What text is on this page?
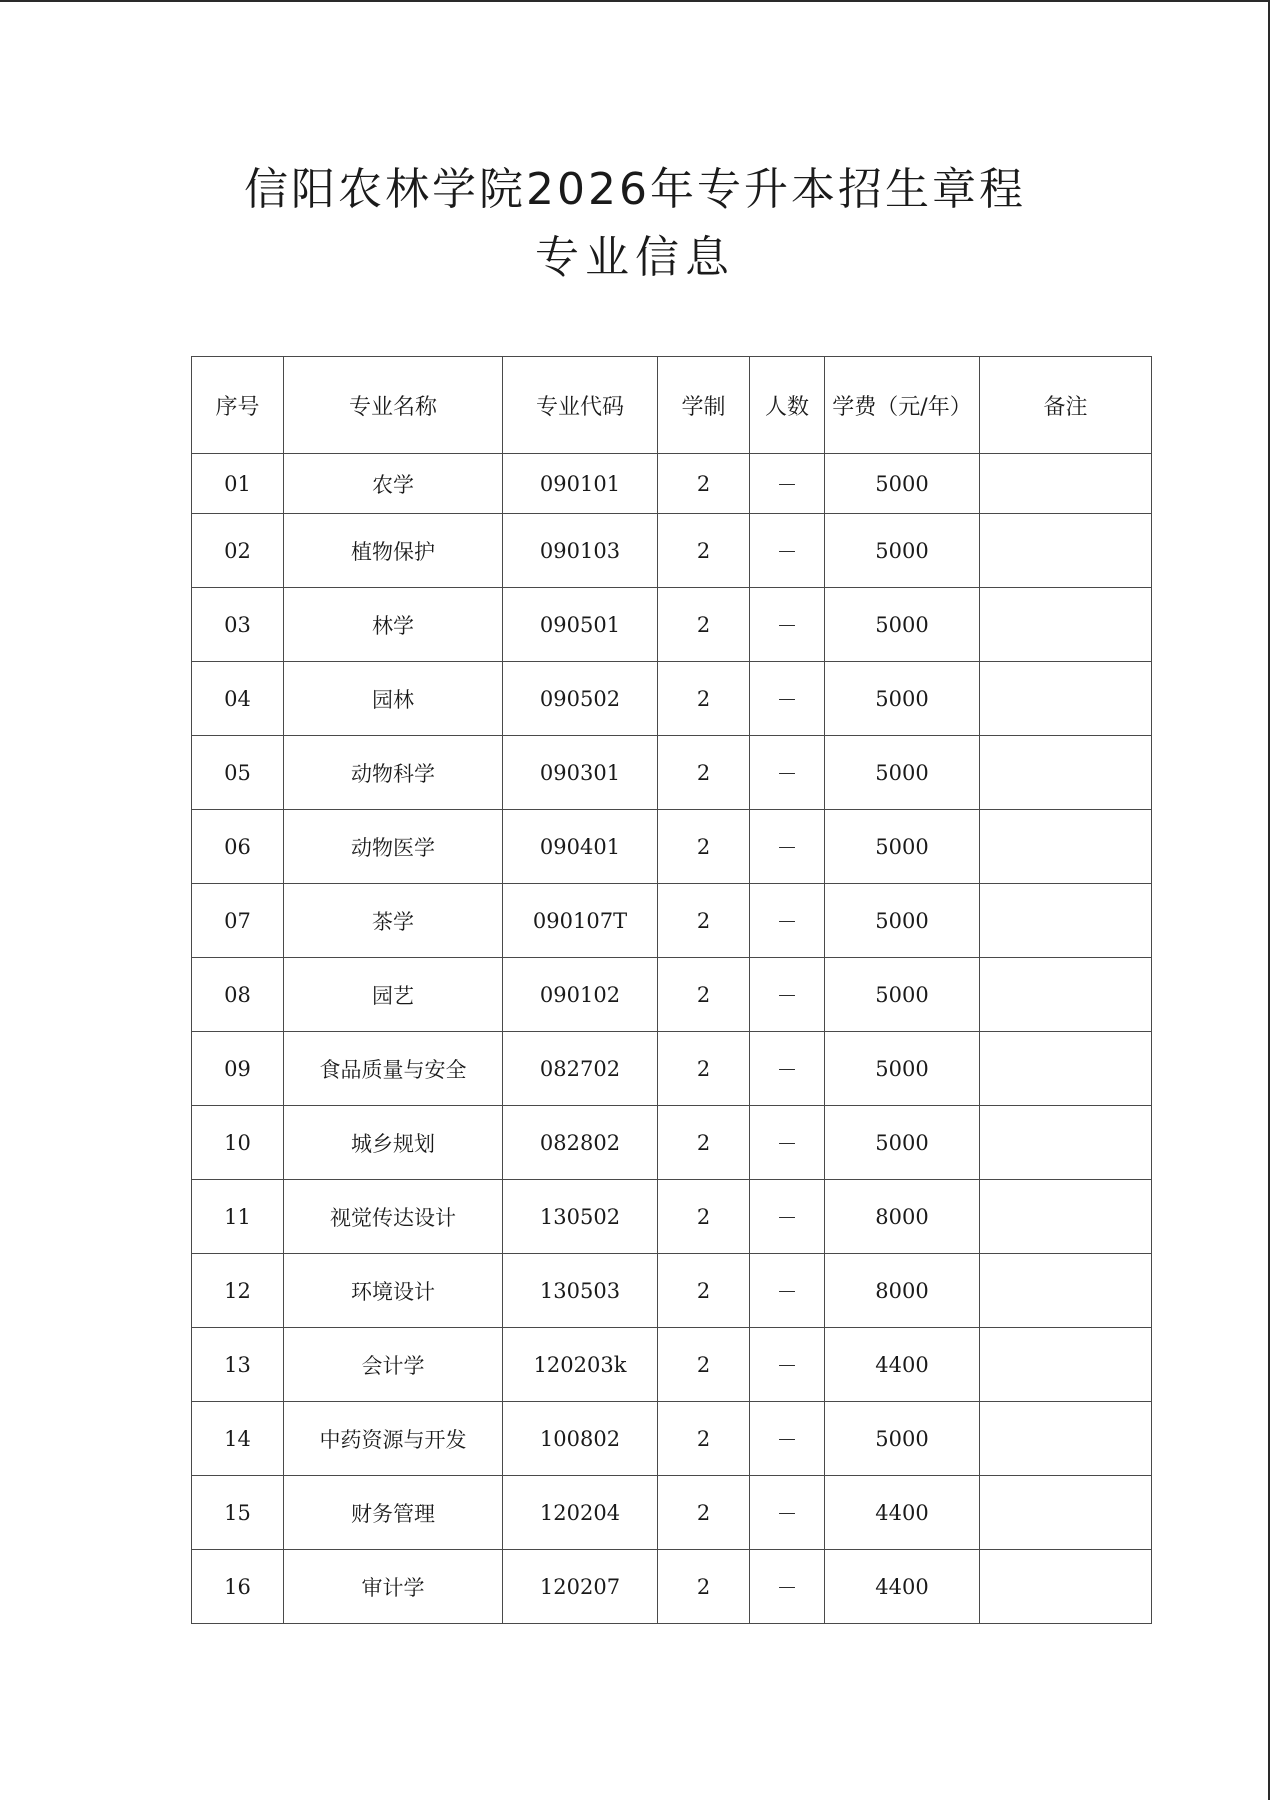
信阳农林学院2026年专升本招生章程
专业信息
序号	专业名称	专业代码	学制	人数	学费（元/年）	备注
01	农学	090101	2	－	5000	
02	植物保护	090103	2	－	5000	
03	林学	090501	2	－	5000	
04	园林	090502	2	－	5000	
05	动物科学	090301	2	－	5000	
06	动物医学	090401	2	－	5000	
07	茶学	090107T	2	－	5000	
08	园艺	090102	2	－	5000	
09	食品质量与安全	082702	2	－	5000	
10	城乡规划	082802	2	－	5000	
11	视觉传达设计	130502	2	－	8000	
12	环境设计	130503	2	－	8000	
13	会计学	120203k	2	－	4400	
14	中药资源与开发	100802	2	－	5000	
15	财务管理	120204	2	－	4400	
16	审计学	120207	2	－	4400	
